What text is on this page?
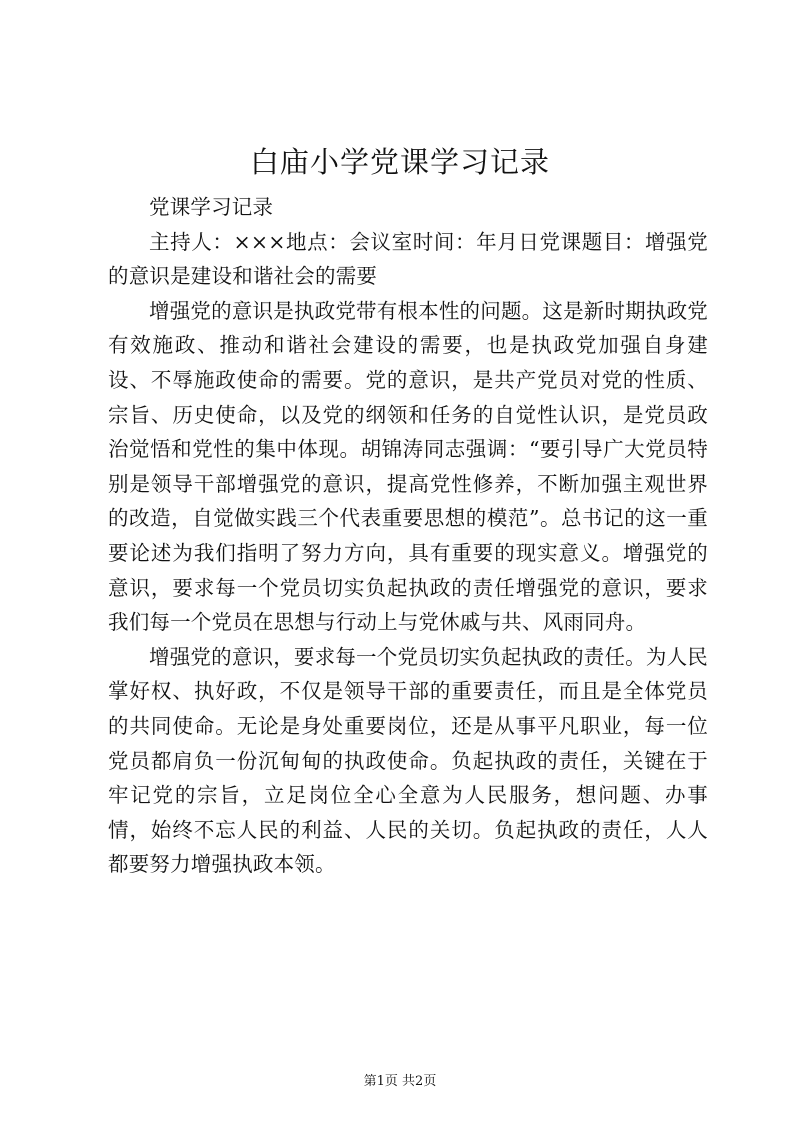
白庙小学党课学习记录

党课学习记录

主持人：×××地点：会议室时间：年月日党课题目：增强党的意识是建设和谐社会的需要

增强党的意识是执政党带有根本性的问题。这是新时期执政党有效施政、推动和谐社会建设的需要，也是执政党加强自身建设、不辱施政使命的需要。党的意识，是共产党员对党的性质、宗旨、历史使命，以及党的纲领和任务的自觉性认识，是党员政治觉悟和党性的集中体现。胡锦涛同志强调：“要引导广大党员特别是领导干部增强党的意识，提高党性修养，不断加强主观世界的改造，自觉做实践三个代表重要思想的模范”。总书记的这一重要论述为我们指明了努力方向，具有重要的现实意义。增强党的意识，要求每一个党员切实负起执政的责任增强党的意识，要求我们每一个党员在思想与行动上与党休戚与共、风雨同舟。

增强党的意识，要求每一个党员切实负起执政的责任。为人民掌好权、执好政，不仅是领导干部的重要责任，而且是全体党员的共同使命。无论是身处重要岗位，还是从事平凡职业，每一位党员都肩负一份沉甸甸的执政使命。负起执政的责任，关键在于牢记党的宗旨，立足岗位全心全意为人民服务，想问题、办事情，始终不忘人民的利益、人民的关切。负起执政的责任，人人都要努力增强执政本领。

第1页 共2页
